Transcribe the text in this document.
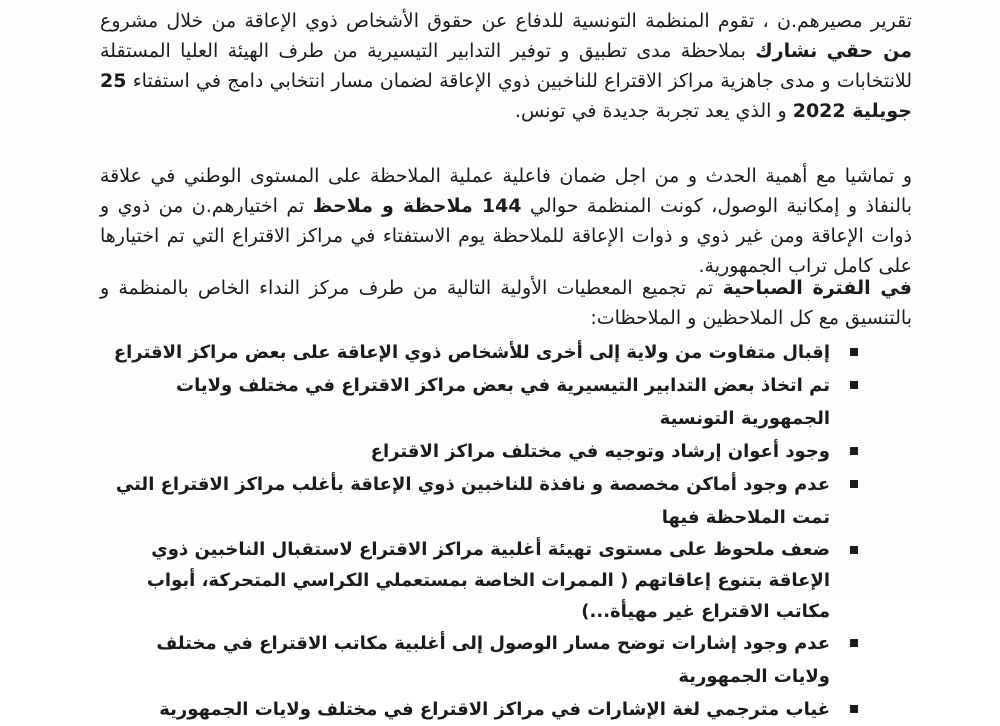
تقرير مصيرهم.ن ، تقوم المنظمة التونسية للدفاع عن حقوق الأشخاص ذوي الإعاقة من خلال مشروع من حقي نشارك بملاحظة مدى تطبيق و توفير التدابير التيسيرية من طرف الهيئة العليا المستقلة للانتخابات و مدى جاهزية مراكز الاقتراع للناخبين ذوي الإعاقة لضمان مسار انتخابي دامج في استفتاء 25 جويلية 2022 و الذي يعد تجربة جديدة في تونس.

و تماشيا مع أهمية الحدث و من اجل ضمان فاعلية عملية الملاحظة على المستوى الوطني في علاقة بالنفاذ و إمكانية الوصول، كونت المنظمة حوالي 144 ملاحظة و ملاحظ تم اختيارهم.ن من ذوي و ذوات الإعاقة ومن غير ذوي و ذوات الإعاقة للملاحظة يوم الاستفتاء في مراكز الاقتراع التي تم اختيارها على كامل تراب الجمهورية.

في الفترة الصباحية تم تجميع المعطيات الأولية التالية من طرف مركز النداء الخاص بالمنظمة و بالتنسيق مع كل الملاحظين و الملاحظات:

إقبال متفاوت من ولاية إلى أخرى للأشخاص ذوي الإعاقة على بعض مراكز الاقتراع
تم اتخاذ بعض التدابير التيسيرية في بعض مراكز الاقتراع في مختلف ولايات الجمهورية التونسية
وجود أعوان إرشاد وتوجيه في مختلف مراكز الاقتراع
عدم وجود أماكن مخصصة و نافذة للناخبين ذوي الإعاقة بأغلب مراكز الاقتراع التي تمت الملاحظة فيها
ضعف ملحوظ على مستوى تهيئة أغلبية مراكز الاقتراع لاستقبال الناخبين ذوي الإعاقة بتنوع إعاقاتهم ( الممرات الخاصة بمستعملي الكراسي المتحركة، أبواب مكاتب الاقتراع غير مهيأة...)
عدم وجود إشارات توضح مسار الوصول إلى أغلبية مكاتب الاقتراع في مختلف ولايات الجمهورية
غياب مترجمي لغة الإشارات في مراكز الاقتراع في مختلف ولايات الجمهورية
